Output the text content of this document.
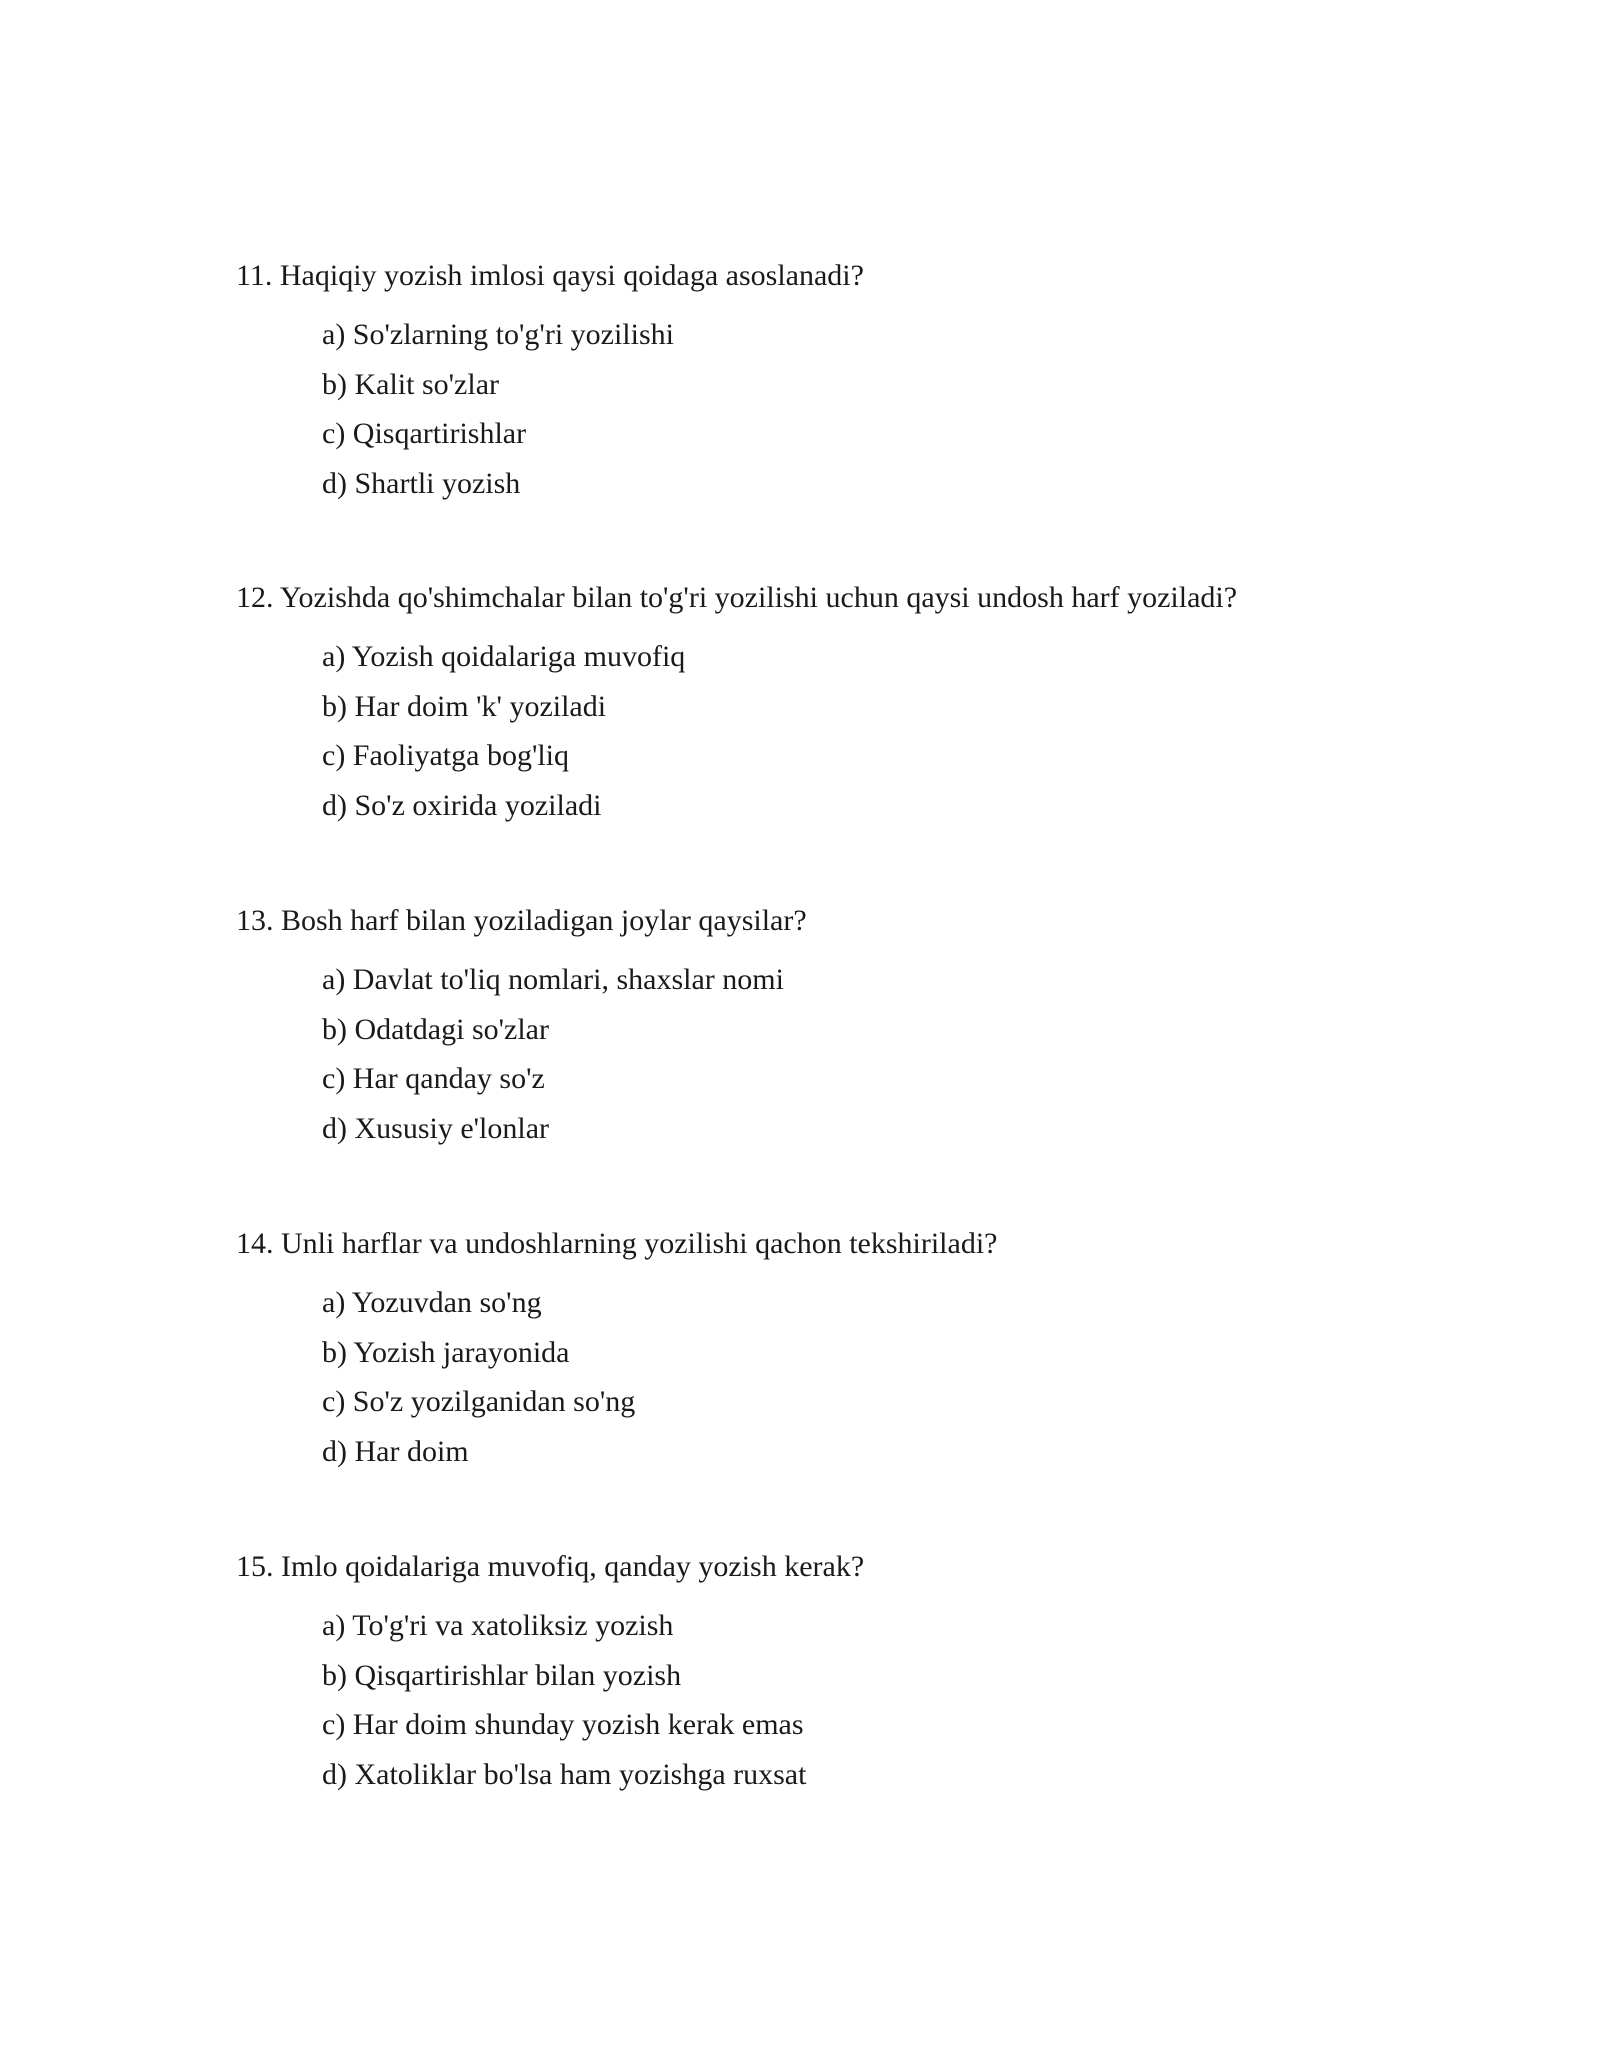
11. Haqiqiy yozish imlosi qaysi qoidaga asoslanadi?
a) So'zlarning to'g'ri yozilishi
b) Kalit so'zlar
c) Qisqartirishlar
d) Shartli yozish
12. Yozishda qo'shimchalar bilan to'g'ri yozilishi uchun qaysi undosh harf yoziladi?
a) Yozish qoidalariga muvofiq
b) Har doim 'k' yoziladi
c) Faoliyatga bog'liq
d) So'z oxirida yoziladi
13. Bosh harf bilan yoziladigan joylar qaysilar?
a) Davlat to'liq nomlari, shaxslar nomi
b) Odatdagi so'zlar
c) Har qanday so'z
d) Xususiy e'lonlar
14. Unli harflar va undoshlarning yozilishi qachon tekshiriladi?
a) Yozuvdan so'ng
b) Yozish jarayonida
c) So'z yozilganidan so'ng
d) Har doim
15. Imlo qoidalariga muvofiq, qanday yozish kerak?
a) To'g'ri va xatoliksiz yozish
b) Qisqartirishlar bilan yozish
c) Har doim shunday yozish kerak emas
d) Xatoliklar bo'lsa ham yozishga ruxsat
